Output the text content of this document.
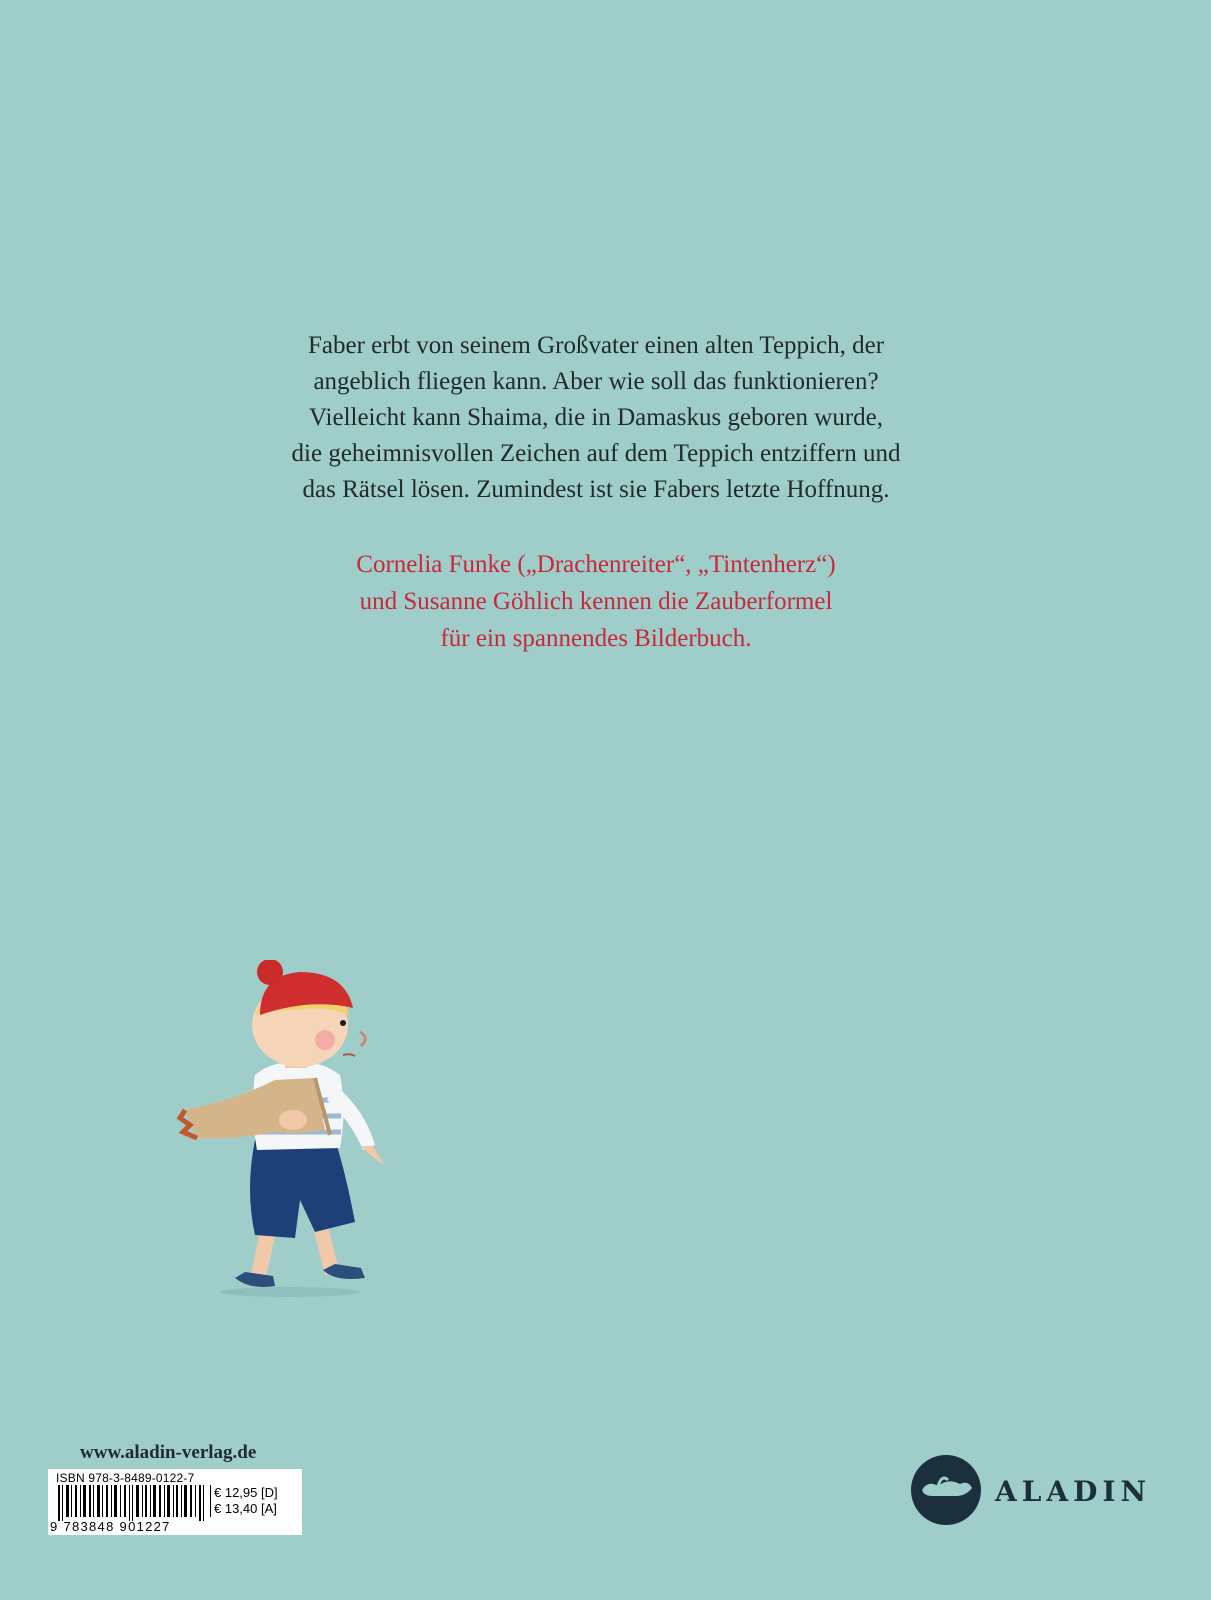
Faber erbt von seinem Großvater einen alten Teppich, der
angeblich fliegen kann. Aber wie soll das funktionieren?
Vielleicht kann Shaima, die in Damaskus geboren wurde,
die geheimnisvollen Zeichen auf dem Teppich entziffern und
das Rätsel lösen. Zumindest ist sie Fabers letzte Hoffnung.

Cornelia Funke („Drachenreiter“, „Tintenherz“)
und Susanne Göhlich kennen die Zauberformel
für ein spannendes Bilderbuch.

www.aladin-verlag.de
ISBN 978-3-8489-0122-7
9 783848 901227
€ 12,95 [D]
€ 13,40 [A]
ALADIN
